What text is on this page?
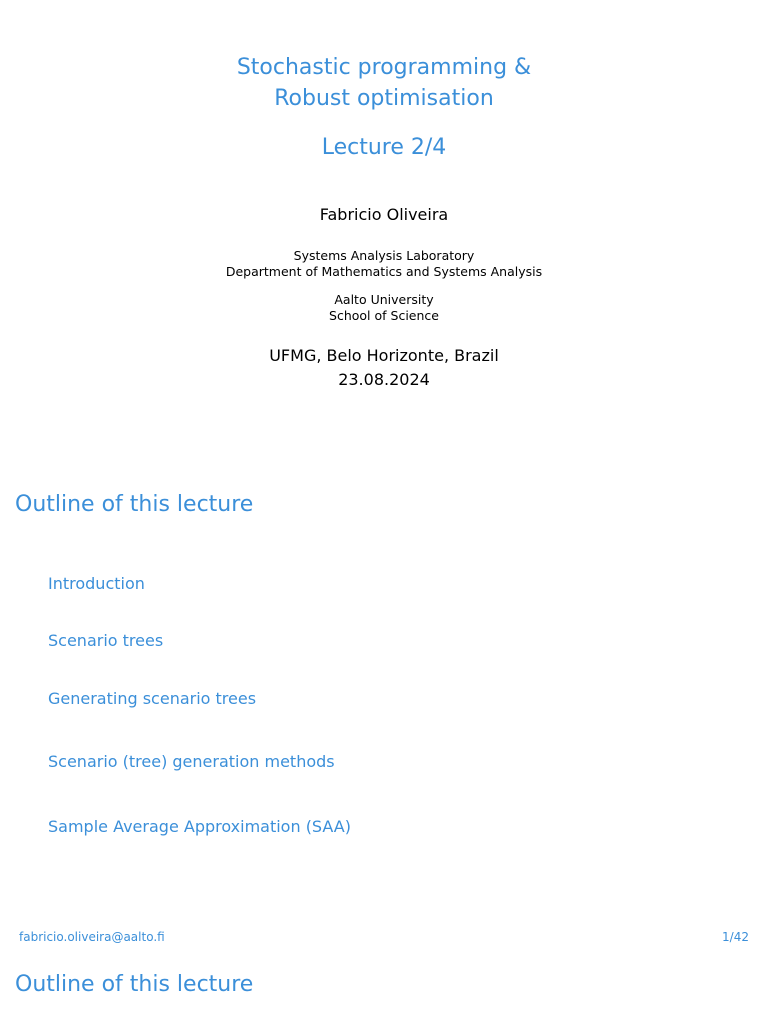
Stochastic programming &
Robust optimisation
Lecture 2/4
Fabricio Oliveira
Systems Analysis Laboratory
Department of Mathematics and Systems Analysis
Aalto University
School of Science
UFMG, Belo Horizonte, Brazil
23.08.2024
Outline of this lecture
Introduction
Scenario trees
Generating scenario trees
Scenario (tree) generation methods
Sample Average Approximation (SAA)
fabricio.oliveira@aalto.fi	1/42
Outline of this lecture
